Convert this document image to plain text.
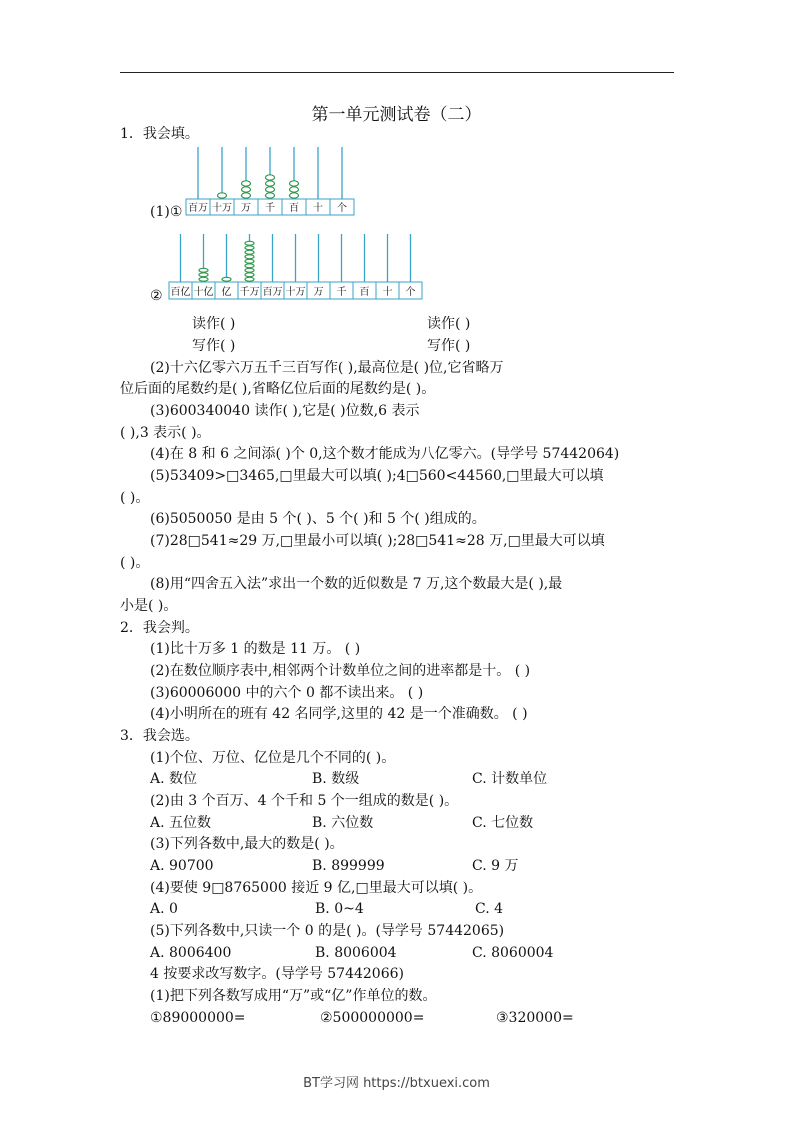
第一单元测试卷（二）
1．我会填。
百万 十万 万 千 百 十 个
(1)①
百亿 十亿 亿 千万 百万 十万 万 千 百 十 个
②
读作( )	读作( )
写作( )	写作( )
(2)十六亿零六万五千三百写作( ),最高位是( )位,它省略万
位后面的尾数约是( ),省略亿位后面的尾数约是( )。
(3)600340040 读作( ),它是( )位数,6 表示
( ),3 表示( )。
(4)在 8 和 6 之间添( )个 0,这个数才能成为八亿零六。(导学号 57442064)
(5)53409>□3465,□里最大可以填( );4□560<44560,□里最大可以填
( )。
(6)5050050 是由 5 个( )、5 个( )和 5 个( )组成的。
(7)28□541≈29 万,□里最小可以填( );28□541≈28 万,□里最大可以填
( )。
(8)用“四舍五入法”求出一个数的近似数是 7 万,这个数最大是( ),最
小是( )。
2．我会判。
(1)比十万多 1 的数是 11 万。 ( )
(2)在数位顺序表中,相邻两个计数单位之间的进率都是十。 ( )
(3)60006000 中的六个 0 都不读出来。 ( )
(4)小明所在的班有 42 名同学,这里的 42 是一个准确数。 ( )
3．我会选。
(1)个位、万位、亿位是几个不同的( )。
A. 数位	B. 数级	C. 计数单位
(2)由 3 个百万、4 个千和 5 个一组成的数是( )。
A. 五位数	B. 六位数	C. 七位数
(3)下列各数中,最大的数是( )。
A. 90700	B. 899999	C. 9 万
(4)要使 9□8765000 接近 9 亿,□里最大可以填( )。
A. 0	B. 0~4	C. 4
(5)下列各数中,只读一个 0 的是( )。(导学号 57442065)
A. 8006400	B. 8006004	C. 8060004
4 按要求改写数字。(导学号 57442066)
(1)把下列各数写成用“万”或“亿”作单位的数。
①89000000=	②500000000=	③320000=
BT学习网 https://btxuexi.com
